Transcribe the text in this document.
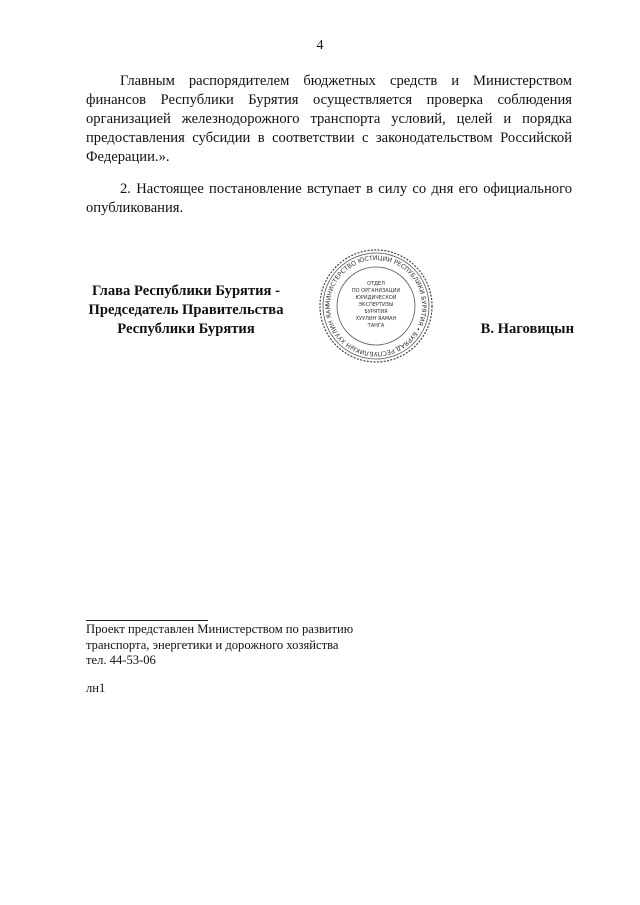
4

Главным распорядителем бюджетных средств и Министерством финансов Республики Бурятия осуществляется проверка соблюдения организацией железнодорожного транспорта условий, целей и порядка предоставления субсидии в соответствии с законодательством Российской Федерации.».

2. Настоящее постановление вступает в силу со дня его официального опубликования.

Глава Республики Бурятия -
Председатель Правительства
Республики Бурятия
МИНИСТЕРСТВО ЮСТИЦИИ РЕСПУБЛИКИ БУРЯТИЯ • БУРЯАД РЕСПУБЛИКЫН ХУУЛИН ЯАМ
ОТДЕЛ
ПО ОРГАНИЗАЦИИ
ЮРИДИЧЕСКОЙ
ЭКСПЕРТИЗЫ
БУРЯТИЯ
ХУУЛИН ЯАМАН
ТАНГА	В. Наговицын
Проект представлен Министерством по развитию
транспорта, энергетики и дорожного хозяйства
тел. 44-53-06
лн1
